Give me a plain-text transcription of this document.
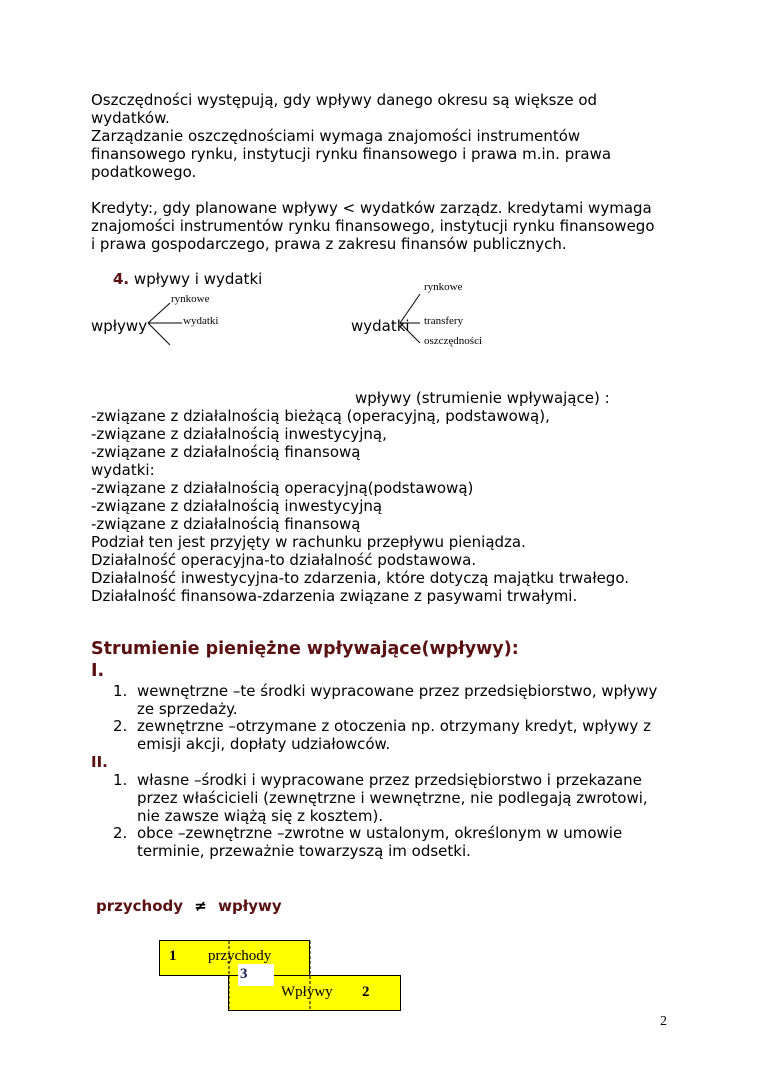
Oszczędności występują, gdy wpływy danego okresu są większe od
wydatków.
Zarządzanie oszczędnościami wymaga znajomości instrumentów
finansowego rynku, instytucji rynku finansowego i prawa m.in. prawa
podatkowego.
Kredyty:, gdy planowane wpływy < wydatków zarządz. kredytami wymaga
znajomości instrumentów rynku finansowego, instytucji rynku finansowego
i prawa gospodarczego, prawa z zakresu finansów publicznych.
4. wpływy i wydatki
wpływy
rynkowe
wydatki	wydatki
rynkowe
transfery
oszczędności
wpływy (strumienie wpływające) :
-związane z działalnością bieżącą (operacyjną, podstawową),
-związane z działalnością inwestycyjną,
-związane z działalnością finansową
wydatki:
-związane z działalnością operacyjną(podstawową)
-związane z działalnością inwestycyjną
-związane z działalnością finansową
Podział ten jest przyjęty w rachunku przepływu pieniądza.
Działalność operacyjna-to działalność podstawowa.
Działalność inwestycyjna-to zdarzenia, które dotyczą majątku trwałego.
Działalność finansowa-zdarzenia związane z pasywami trwałymi.
Strumienie pieniężne wpływające(wpływy):
I.
1. wewnętrzne –te środki wypracowane przez przedsiębiorstwo, wpływy
ze sprzedaży.
2. zewnętrzne –otrzymane z otoczenia np. otrzymany kredyt, wpływy z
emisji akcji, dopłaty udziałowców.
II.
1. własne –środki i wypracowane przez przedsiębiorstwo i przekazane
przez właścicieli (zewnętrzne i wewnętrzne, nie podlegają zwrotowi,
nie zawsze wiążą się z kosztem).
2. obce –zewnętrzne –zwrotne w ustalonym, określonym w umowie
terminie, przeważnie towarzyszą im odsetki.
przychody ≠ wpływy
1 przychody
3
Wpływy 2
2
